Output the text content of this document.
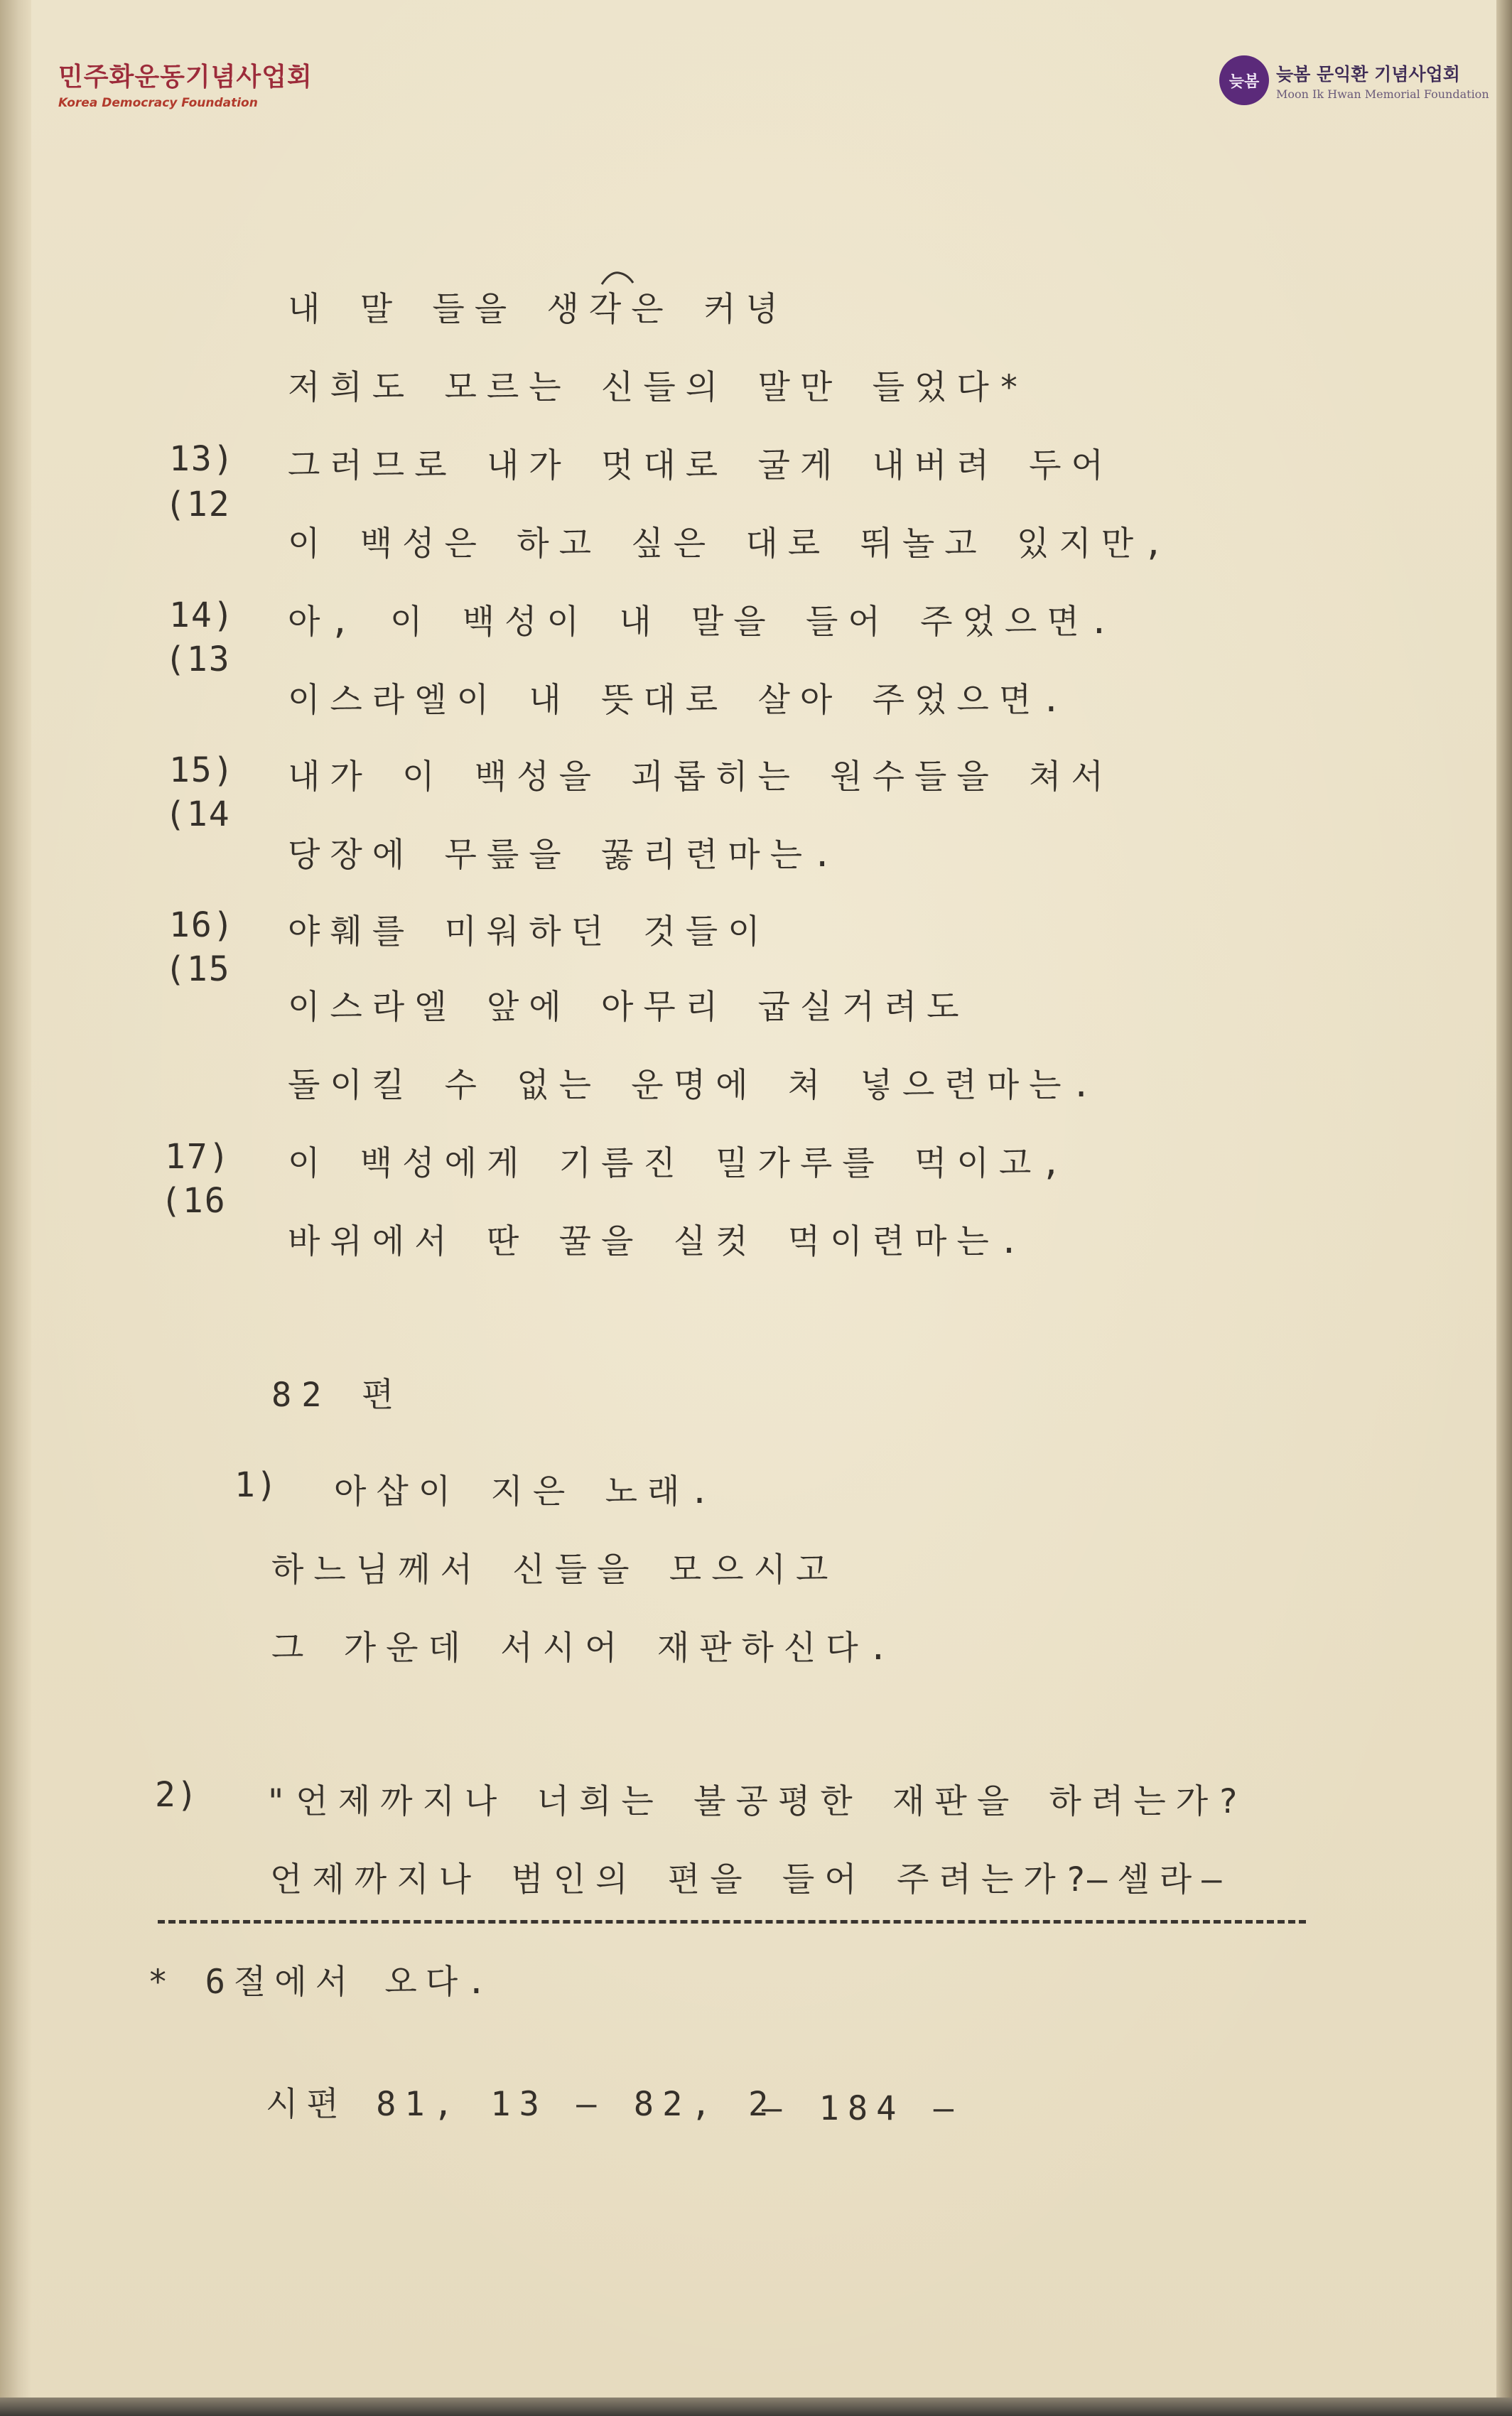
민주화운동기념사업회
Korea Democracy Foundation
늦봄 늦봄 문익환 기념사업회
Moon Ik Hwan Memorial Foundation
내 말 들을 생각은 커녕
저희도 모르는 신들의 말만 들었다*
13) 그러므로 내가 멋대로 굴게 내버려 두어
(12
이 백성은 하고 싶은 대로 뛰놀고 있지만,
14) 아, 이 백성이 내 말을 들어 주었으면.
(13
이스라엘이 내 뜻대로 살아 주었으면.
15) 내가 이 백성을 괴롭히는 원수들을 쳐서
(14
당장에 무릎을 꿇리련마는.
16) 야훼를 미워하던 것들이
(15
이스라엘 앞에 아무리 굽실거려도
돌이킬 수 없는 운명에 쳐 넣으련마는.
17) 이 백성에게 기름진 밀가루를 먹이고,
(16
바위에서 딴 꿀을 실컷 먹이련마는.
82 편
1) 아삽이 지은 노래.
하느님께서 신들을 모으시고
그 가운데 서시어 재판하신다.
2) "언제까지나 너희는 불공평한 재판을 하려는가?
언제까지나 범인의 편을 들어 주려는가?
—셀라—
* 6절에서 오다.
시편 81, 13 — 82, 2
— 184 —
